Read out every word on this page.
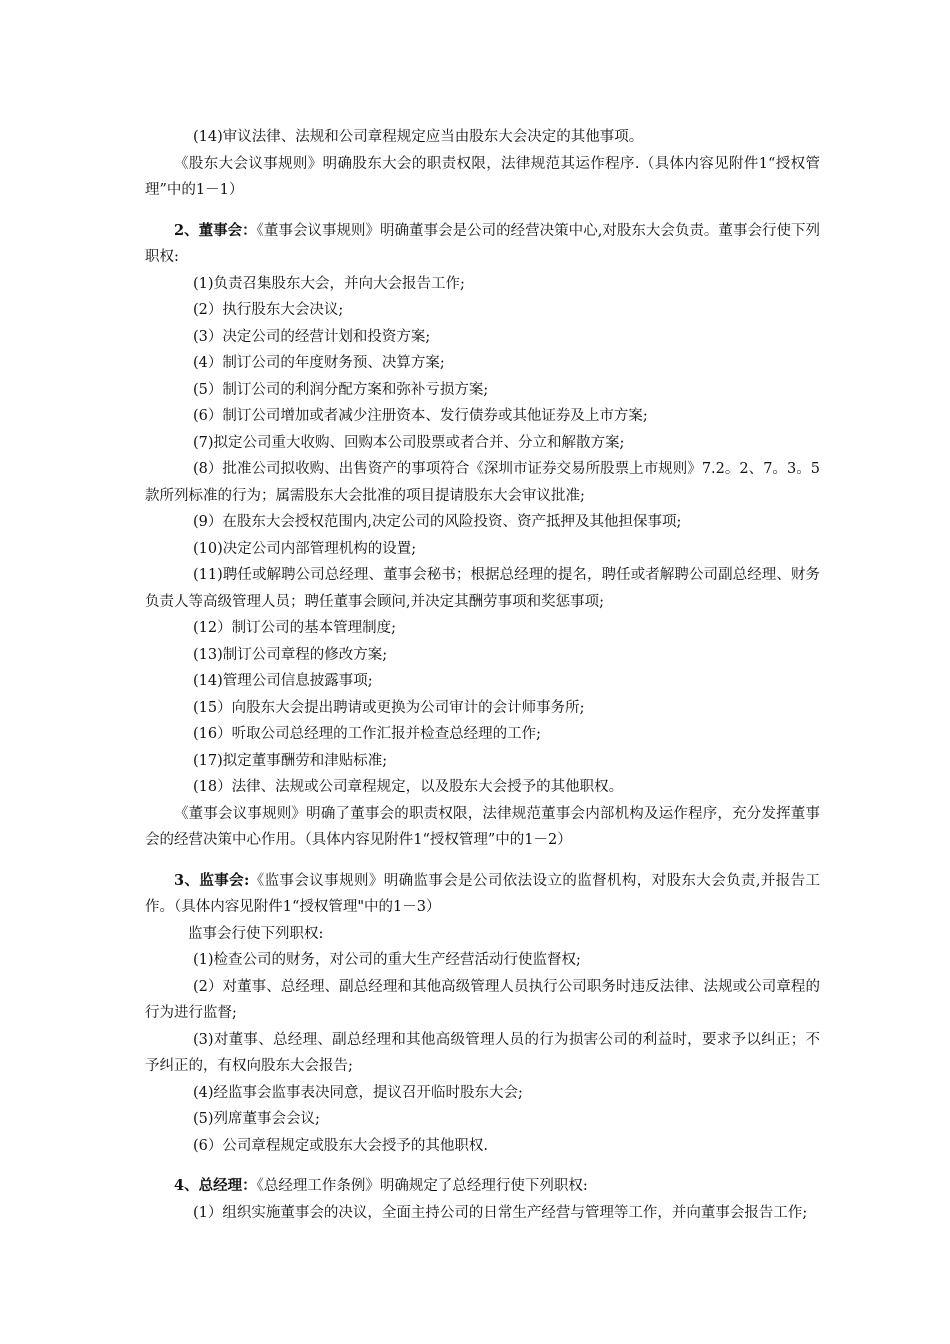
(14)审议法律、法规和公司章程规定应当由股东大会决定的其他事项。

《股东大会议事规则》明确股东大会的职责权限，法律规范其运作程序.（具体内容见附件1“授权管理”中的1－1）

2、董事会：《董事会议事规则》明确董事会是公司的经营决策中心,对股东大会负责。董事会行使下列职权:

(1)负责召集股东大会，并向大会报告工作;

(2）执行股东大会决议;

(3）决定公司的经营计划和投资方案;

(4）制订公司的年度财务预、决算方案;

(5）制订公司的利润分配方案和弥补亏损方案;

(6）制订公司增加或者减少注册资本、发行债券或其他证券及上市方案;

(7)拟定公司重大收购、回购本公司股票或者合并、分立和解散方案;

(8）批准公司拟收购、出售资产的事项符合《深圳市证券交易所股票上市规则》7.2。2、7。3。5款所列标准的行为；属需股东大会批准的项目提请股东大会审议批准;

(9）在股东大会授权范围内,决定公司的风险投资、资产抵押及其他担保事项;

(10)决定公司内部管理机构的设置;

(11)聘任或解聘公司总经理、董事会秘书；根据总经理的提名，聘任或者解聘公司副总经理、财务负责人等高级管理人员；聘任董事会顾问,并决定其酬劳事项和奖惩事项;

(12）制订公司的基本管理制度;

(13)制订公司章程的修改方案;

(14)管理公司信息披露事项;

(15）向股东大会提出聘请或更换为公司审计的会计师事务所;

(16）听取公司总经理的工作汇报并检查总经理的工作;

(17)拟定董事酬劳和津贴标准;

(18）法律、法规或公司章程规定，以及股东大会授予的其他职权。

《董事会议事规则》明确了董事会的职责权限，法律规范董事会内部机构及运作程序，充分发挥董事会的经营决策中心作用。（具体内容见附件1“授权管理”中的1－2）

3、监事会:《监事会议事规则》明确监事会是公司依法设立的监督机构，对股东大会负责,并报告工作。（具体内容见附件1“授权管理"中的1－3）

监事会行使下列职权:

(1)检查公司的财务，对公司的重大生产经营活动行使监督权;

(2）对董事、总经理、副总经理和其他高级管理人员执行公司职务时违反法律、法规或公司章程的行为进行监督;

(3)对董事、总经理、副总经理和其他高级管理人员的行为损害公司的利益时，要求予以纠正；不予纠正的，有权向股东大会报告;

(4)经监事会监事表决同意，提议召开临时股东大会;

(5)列席董事会会议;

(6）公司章程规定或股东大会授予的其他职权.

4、总经理：《总经理工作条例》明确规定了总经理行使下列职权:

(1）组织实施董事会的决议，全面主持公司的日常生产经营与管理等工作，并向董事会报告工作;
